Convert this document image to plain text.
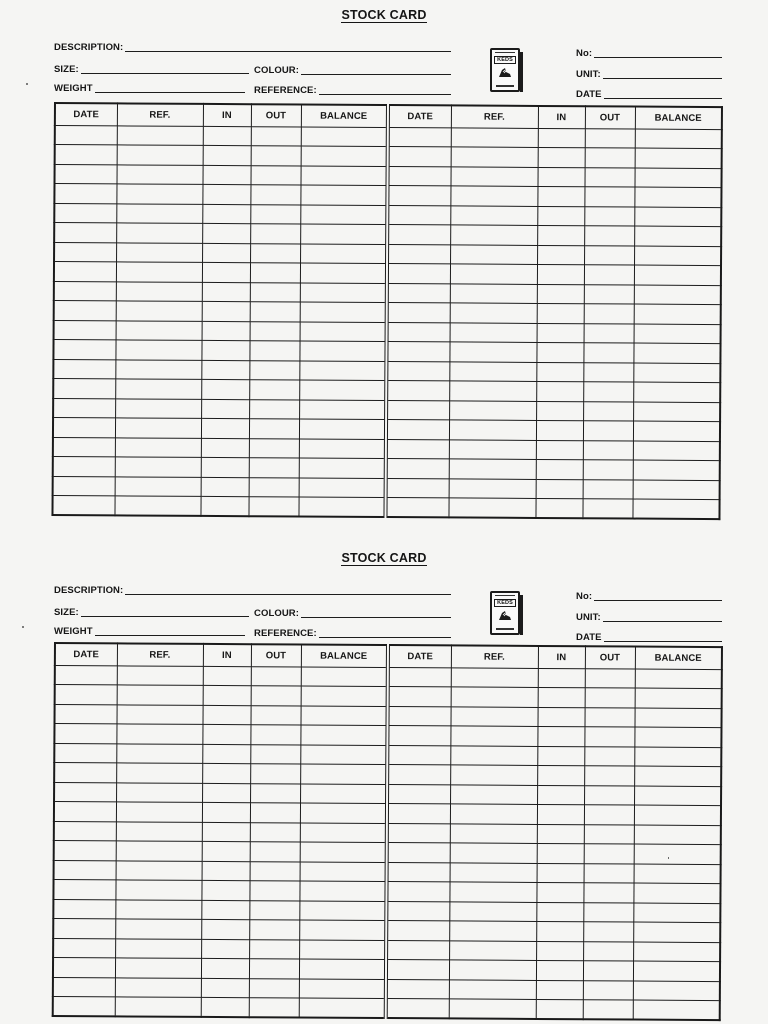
STOCK CARD
DESCRIPTION:
SIZE:	COLOUR:
WEIGHT	REFERENCE:
KEDS
No:
UNIT:
DATE
DATE	REF.	IN	OUT	BALANCE	DATE	REF.	IN	OUT	BALANCE

STOCK CARD
DESCRIPTION:
SIZE:	COLOUR:
WEIGHT	REFERENCE:
KEDS
No:
UNIT:
DATE
DATE	REF.	IN	OUT	BALANCE	DATE	REF.	IN	OUT	BALANCE
